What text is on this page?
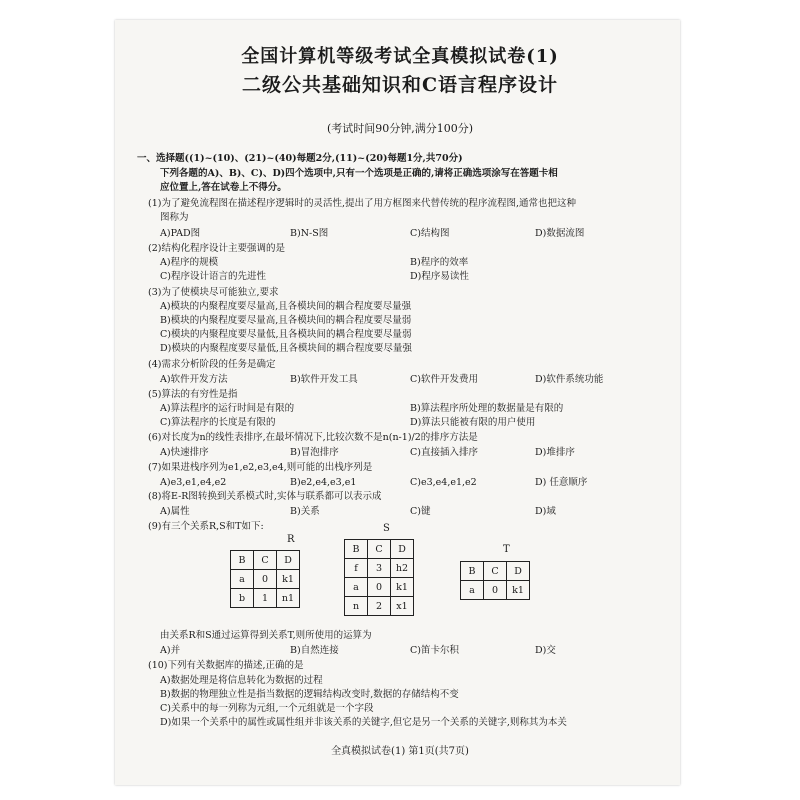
全国计算机等级考试全真模拟试卷(1)
二级公共基础知识和C语言程序设计
(考试时间90分钟,满分100分)
一、选择题((1)~(10)、(21)~(40)每题2分,(11)~(20)每题1分,共70分)
下列各题的A)、B)、C)、D)四个选项中,只有一个选项是正确的,请将正确选项涂写在答题卡相
应位置上,答在试卷上不得分。
(1)为了避免流程图在描述程序逻辑时的灵活性,提出了用方框图来代替传统的程序流程图,通常也把这种
图称为
A)PAD图	B)N-S图	C)结构图	D)数据流图
(2)结构化程序设计主要强调的是
A)程序的规模	B)程序的效率
C)程序设计语言的先进性	D)程序易读性
(3)为了使模块尽可能独立,要求
A)模块的内聚程度要尽量高,且各模块间的耦合程度要尽量强
B)模块的内聚程度要尽量高,且各模块间的耦合程度要尽量弱
C)模块的内聚程度要尽量低,且各模块间的耦合程度要尽量弱
D)模块的内聚程度要尽量低,且各模块间的耦合程度要尽量强
(4)需求分析阶段的任务是确定
A)软件开发方法	B)软件开发工具	C)软件开发费用	D)软件系统功能
(5)算法的有穷性是指
A)算法程序的运行时间是有限的	B)算法程序所处理的数据量是有限的
C)算法程序的长度是有限的	D)算法只能被有限的用户使用
(6)对长度为n的线性表排序,在最坏情况下,比较次数不是n(n-1)/2的排序方法是
A)快速排序	B)冒泡排序	C)直接插入排序	D)堆排序
(7)如果进栈序列为e1,e2,e3,e4,则可能的出栈序列是
A)e3,e1,e4,e2	B)e2,e4,e3,e1	C)e3,e4,e1,e2	D) 任意顺序
(8)将E-R图转换到关系模式时,实体与联系都可以表示成
A)属性	B)关系	C)键	D)域
(9)有三个关系R,S和T如下:
R
B	C	D
a	0	k1
b	1	n1
S
B	C	D
f	3	h2
a	0	k1
n	2	x1
T
B	C	D
a	0	k1
由关系R和S通过运算得到关系T,则所使用的运算为
A)并	B)自然连接	C)笛卡尔积	D)交
(10)下列有关数据库的描述,正确的是
A)数据处理是将信息转化为数据的过程
B)数据的物理独立性是指当数据的逻辑结构改变时,数据的存储结构不变
C)关系中的每一列称为元组,一个元组就是一个字段
D)如果一个关系中的属性或属性组并非该关系的关键字,但它是另一个关系的关键字,则称其为本关
全真模拟试卷(1) 第1页(共7页)
